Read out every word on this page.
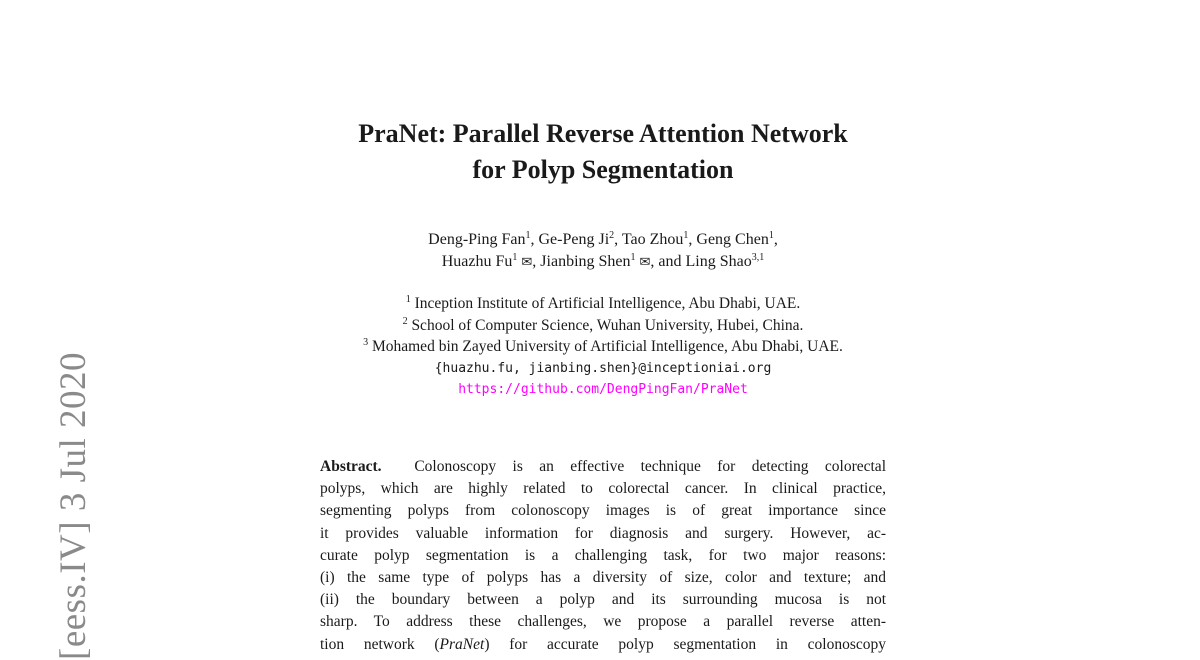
[eess.IV] 3 Jul 2020
PraNet: Parallel Reverse Attention Network
for Polyp Segmentation
Deng-Ping Fan$^1$, Ge-Peng Ji$^2$, Tao Zhou$^1$, Geng Chen$^1$,
Huazhu Fu$^1$ ✉, Jianbing Shen$^1$ ✉, and Ling Shao$^{3,1}$
$^1$ Inception Institute of Artificial Intelligence, Abu Dhabi, UAE.
$^2$ School of Computer Science, Wuhan University, Hubei, China.
$^3$ Mohamed bin Zayed University of Artificial Intelligence, Abu Dhabi, UAE.
{huazhu.fu, jianbing.shen}@inceptioniai.org
https://github.com/DengPingFan/PraNet
Abstract. Colonoscopy is an effective technique for detecting colorectal
polyps, which are highly related to colorectal cancer. In clinical practice,
segmenting polyps from colonoscopy images is of great importance since
it provides valuable information for diagnosis and surgery. However, ac-
curate polyp segmentation is a challenging task, for two major reasons:
(i) the same type of polyps has a diversity of size, color and texture; and
(ii) the boundary between a polyp and its surrounding mucosa is not
sharp. To address these challenges, we propose a parallel reverse atten-
tion network (PraNet) for accurate polyp segmentation in colonoscopy
